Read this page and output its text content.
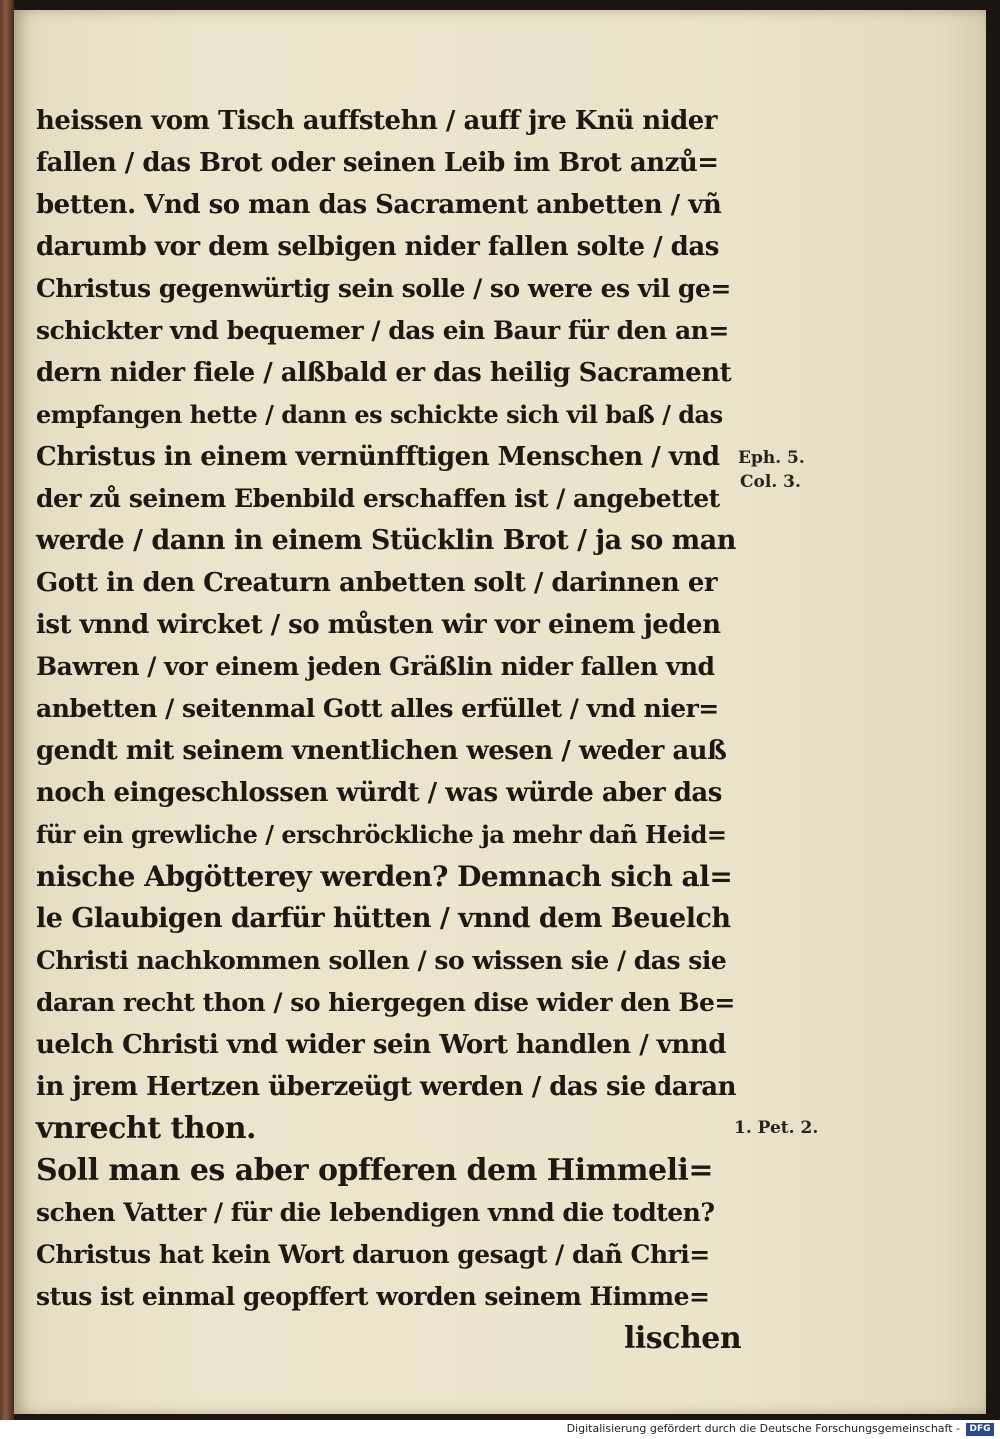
heissen vom Tisch auffstehn / auff jre Knü nider
fallen / das Brot oder seinen Leib im Brot anzů=
betten. Vnd so man das Sacrament anbetten / vñ
darumb vor dem selbigen nider fallen solte / das
Christus gegenwürtig sein solle / so were es vil ge=
schickter vnd bequemer / das ein Baur für den an=
dern nider fiele / alßbald er das heilig Sacrament
empfangen hette / dann es schickte sich vil baß / das
Christus in einem vernünfftigen Menschen / vnd
der zů seinem Ebenbild erschaffen ist / angebettet
werde / dann in einem Stücklin Brot / ja so man
Gott in den Creaturn anbetten solt / darinnen er
ist vnnd wircket / so můsten wir vor einem jeden
Bawren / vor einem jeden Gräßlin nider fallen vnd
anbetten / seitenmal Gott alles erfüllet / vnd nier=
gendt mit seinem vnentlichen wesen / weder auß
noch eingeschlossen würdt / was würde aber das
für ein grewliche / erschröckliche ja mehr dañ Heid=
nische Abgötterey werden? Demnach sich al=
le Glaubigen darfür hütten / vnnd dem Beuelch
Christi nachkommen sollen / so wissen sie / das sie
daran recht thon / so hiergegen dise wider den Be=
uelch Christi vnd wider sein Wort handlen / vnnd
in jrem Hertzen überzeügt werden / das sie daran
vnrecht thon.
Soll man es aber opfferen dem Himmeli=
schen Vatter / für die lebendigen vnnd die todten?
Christus hat kein Wort daruon gesagt / dañ Chri=
stus ist einmal geopffert worden seinem Himme=
lischen
Eph. 5.
Col. 3.
1. Pet. 2.
Digitalisierung gefördert durch die Deutsche Forschungsgemeinschaft -	DFG
